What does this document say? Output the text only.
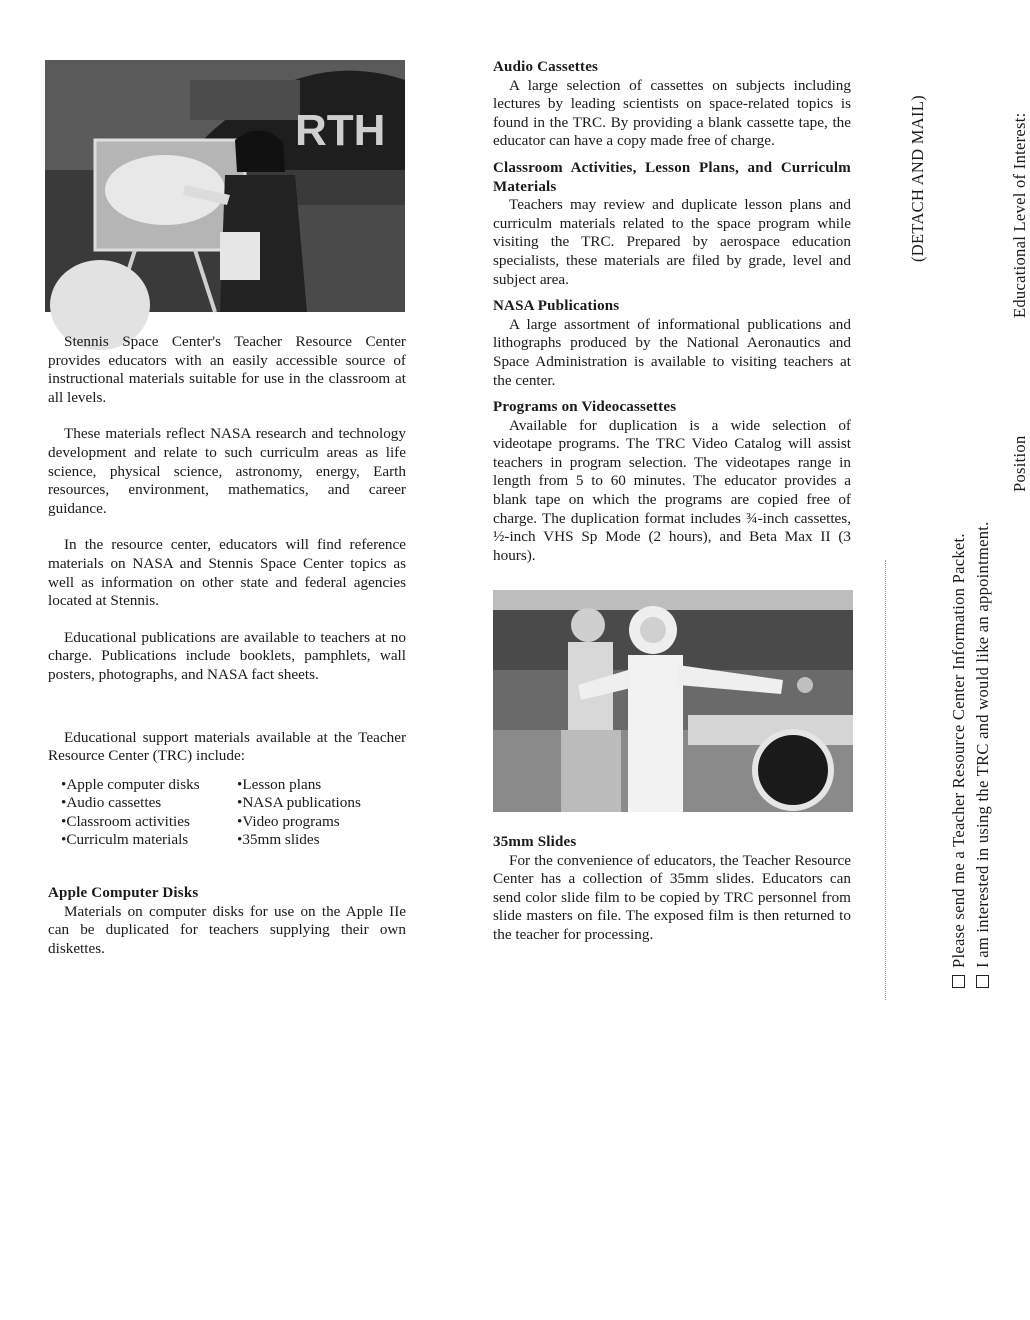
RTH

Stennis Space Center's Teacher Resource Center provides educators with an easily accessible source of instructional materials suitable for use in the classroom at all levels.

These materials reflect NASA research and technology development and relate to such curriculm areas as life science, physical science, astronomy, energy, Earth resources, environment, mathematics, and career guidance.

In the resource center, educators will find reference materials on NASA and Stennis Space Center topics as well as information on other state and federal agencies located at Stennis.

Educational publications are available to teachers at no charge. Publications include booklets, pamphlets, wall posters, photographs, and NASA fact sheets.

Educational support materials available at the Teacher Resource Center (TRC) include:

•Apple computer disks	•Lesson plans
•Audio cassettes	•NASA publications
•Classroom activities	•Video programs
•Curriculm materials	•35mm slides

Apple Computer Disks

Materials on computer disks for use on the Apple IIe can be duplicated for teachers supplying their own diskettes.

Audio Cassettes

A large selection of cassettes on subjects including lectures by leading scientists on space-related topics is found in the TRC. By providing a blank cassette tape, the educator can have a copy made free of charge.

Classroom Activities, Lesson Plans, and Curriculm Materials

Teachers may review and duplicate lesson plans and curriculm materials related to the space program while visiting the TRC. Prepared by aerospace education specialists, these materials are filed by grade, level and subject area.

NASA Publications

A large assortment of informational publications and lithographs produced by the National Aeronautics and Space Administration is available to visiting teachers at the center.

Programs on Videocassettes

Available for duplication is a wide selection of videotape programs. The TRC Video Catalog will assist teachers in program selection. The videotapes range in length from 5 to 60 minutes. The educator provides a blank tape on which the programs are copied free of charge. The duplication format includes ¾-inch cassettes, ½-inch VHS Sp Mode (2 hours), and Beta Max II (3 hours).

35mm Slides

For the convenience of educators, the Teacher Resource Center has a collection of 35mm slides. Educators can send color slide film to be copied by TRC personnel from slide masters on file. The exposed film is then returned to the teacher for processing.

(DETACH AND MAIL)
Please send me a Teacher Resource Center Information Packet. I am interested in using the TRC and would like an appointment.
Educational Level of Interest:
Position
